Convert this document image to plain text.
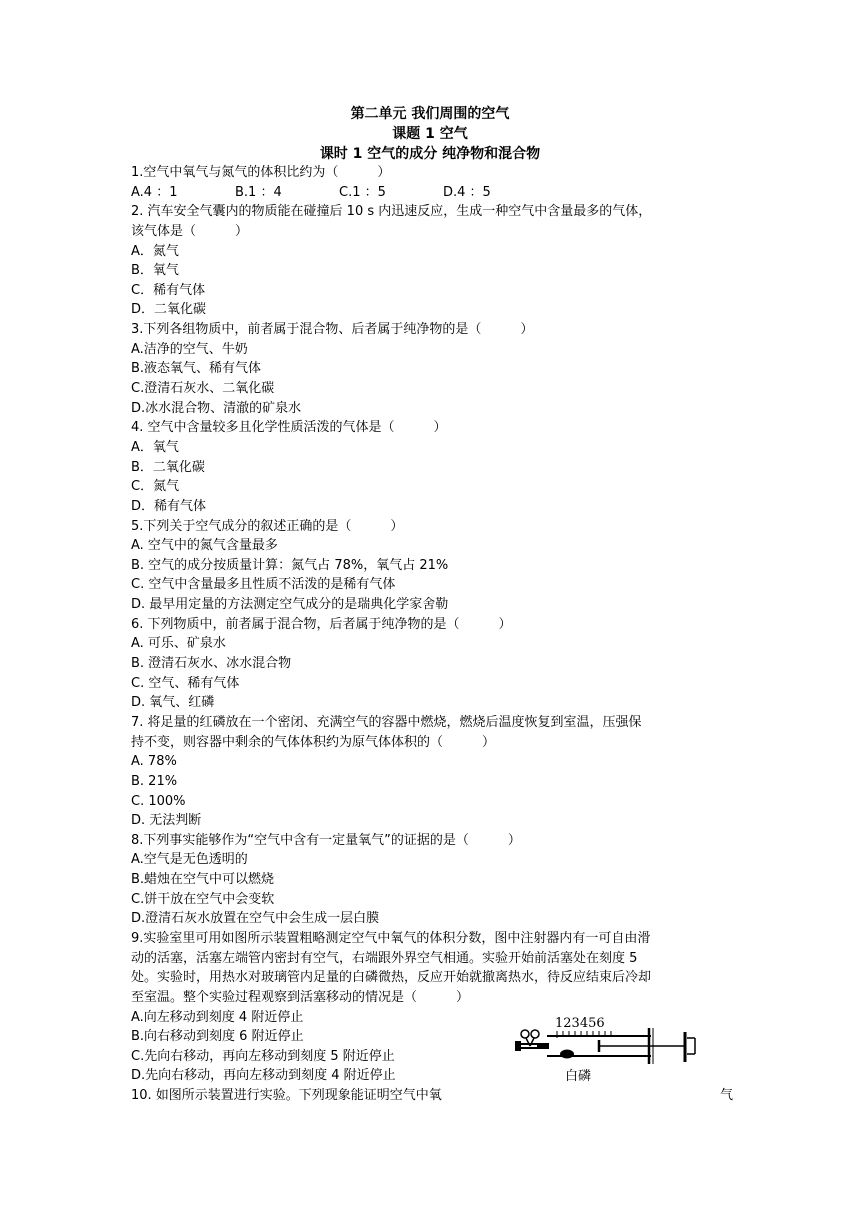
第二单元 我们周围的空气
课题 1 空气
课时 1 空气的成分 纯净物和混合物
1.空气中氧气与氮气的体积比约为（　　　）
A.4 ：1	B.1 ：4	C.1 ：5	D.4 ：5
2. 汽车安全气囊内的物质能在碰撞后 10 s 内迅速反应，生成一种空气中含量最多的气体，
该气体是（　　　）
A．氮气
B．氧气
C．稀有气体
D．二氧化碳
3.下列各组物质中，前者属于混合物、后者属于纯净物的是（　　　）
A.洁净的空气、牛奶
B.液态氧气、稀有气体
C.澄清石灰水、二氧化碳
D.冰水混合物、清澈的矿泉水
4. 空气中含量较多且化学性质活泼的气体是（　　　）
A．氧气
B．二氧化碳
C．氮气
D．稀有气体
5.下列关于空气成分的叙述正确的是（　　　）
A. 空气中的氮气含量最多
B. 空气的成分按质量计算：氮气占 78%，氧气占 21%
C. 空气中含量最多且性质不活泼的是稀有气体
D. 最早用定量的方法测定空气成分的是瑞典化学家舍勒
6. 下列物质中，前者属于混合物，后者属于纯净物的是（　　　）
A. 可乐、矿泉水
B. 澄清石灰水、冰水混合物
C. 空气、稀有气体
D. 氧气、红磷
7. 将足量的红磷放在一个密闭、充满空气的容器中燃烧，燃烧后温度恢复到室温，压强保
持不变，则容器中剩余的气体体积约为原气体体积的（　　　）
A. 78%
B. 21%
C. 100%
D. 无法判断
8.下列事实能够作为“空气中含有一定量氧气”的证据的是（　　　）
A.空气是无色透明的
B.蜡烛在空气中可以燃烧
C.饼干放在空气中会变软
D.澄清石灰水放置在空气中会生成一层白膜
9.实验室里可用如图所示装置粗略测定空气中氧气的体积分数，图中注射器内有一可自由滑
动的活塞，活塞左端管内密封有空气，右端跟外界空气相通。实验开始前活塞处在刻度 5
处。实验时，用热水对玻璃管内足量的白磷微热，反应开始就撤离热水，待反应结束后冷却
至室温。整个实验过程观察到活塞移动的情况是（　　　）
A.向左移动到刻度 4 附近停止
B.向右移动到刻度 6 附近停止
C.先向右移动，再向左移动到刻度 5 附近停止
D.先向右移动，再向左移动到刻度 4 附近停止
10. 如图所示装置进行实验。下列现象能证明空气中氧	气
123456
白磷
